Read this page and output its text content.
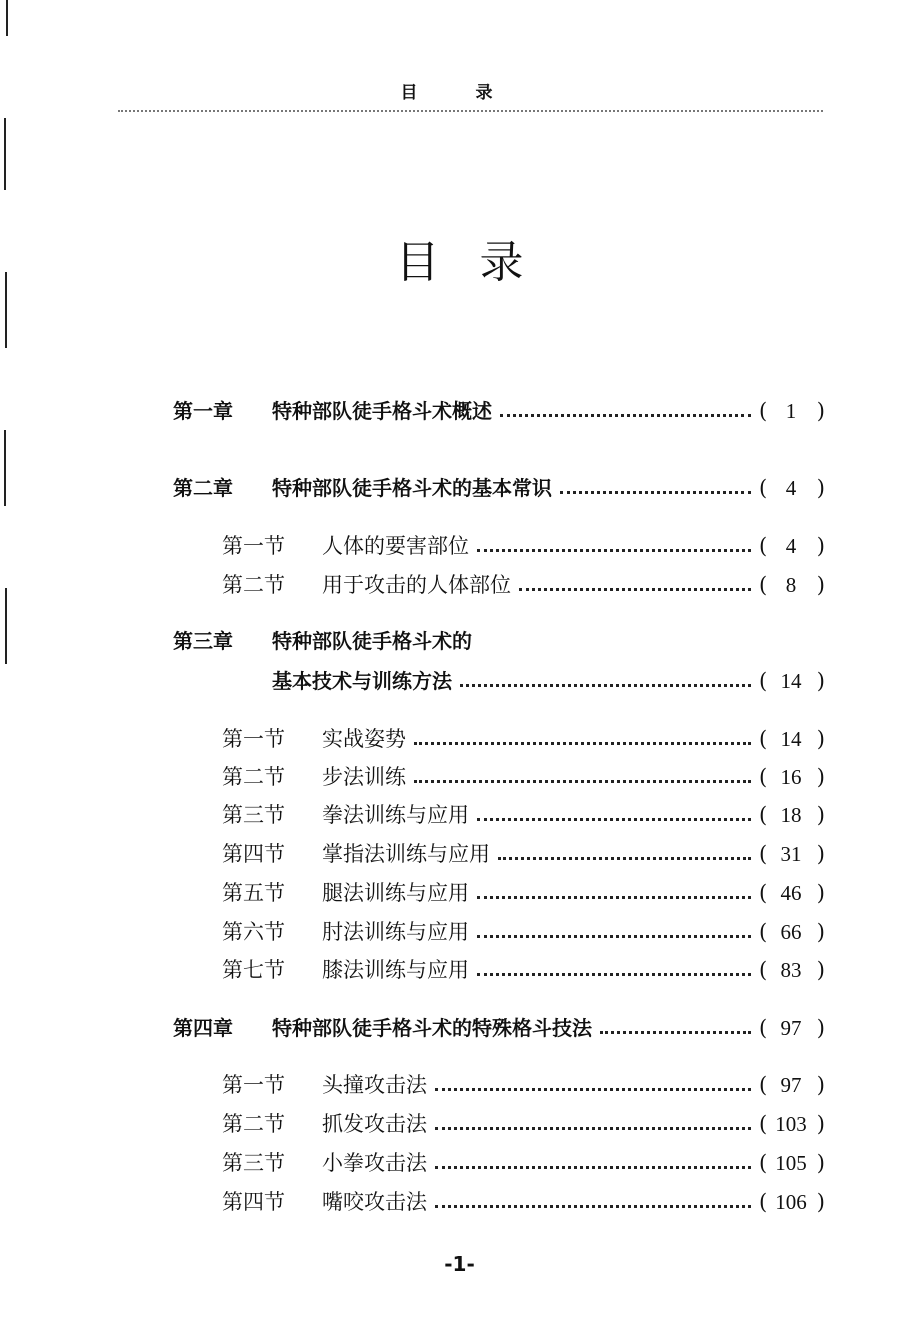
目 录
目录
第一章 特种部队徒手格斗术概述	( 1 )
第二章 特种部队徒手格斗术的基本常识	( 4 )
第一节 人体的要害部位	( 4 )
第二节 用于攻击的人体部位	( 8 )
第三章 特种部队徒手格斗术的
基本技术与训练方法	( 14 )
第一节 实战姿势	( 14 )
第二节 步法训练	( 16 )
第三节 拳法训练与应用	( 18 )
第四节 掌指法训练与应用	( 31 )
第五节 腿法训练与应用	( 46 )
第六节 肘法训练与应用	( 66 )
第七节 膝法训练与应用	( 83 )
第四章 特种部队徒手格斗术的特殊格斗技法	( 97 )
第一节 头撞攻击法	( 97 )
第二节 抓发攻击法	( 103 )
第三节 小拳攻击法	( 105 )
第四节 嘴咬攻击法	( 106 )
-1-
